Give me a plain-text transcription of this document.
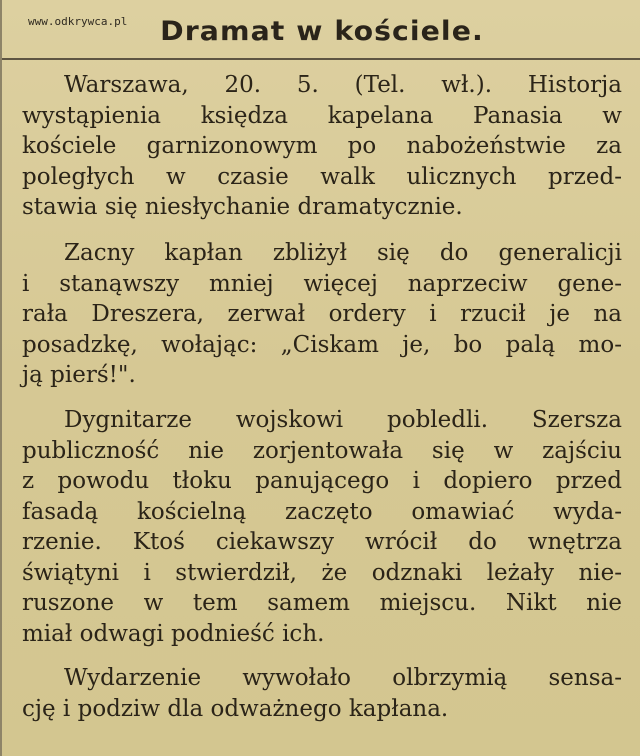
www.odkrywca.pl	Dramat w kościele.
Warszawa, 20. 5. (Tel. wł.). Historja
wystąpienia księdza kapelana Panasia w
kościele garnizonowym po nabożeństwie za
poległych w czasie walk ulicznych przed-
stawia się niesłychanie dramatycznie.
Zacny kapłan zbliżył się do generalicji
i stanąwszy mniej więcej naprzeciw gene-
rała Dreszera, zerwał ordery i rzucił je na
posadzkę, wołając: „Ciskam je, bo palą mo-
ją pierś!".
Dygnitarze wojskowi pobledli. Szersza
publiczność nie zorjentowała się w zajściu
z powodu tłoku panującego i dopiero przed
fasadą kościelną zaczęto omawiać wyda-
rzenie. Ktoś ciekawszy wrócił do wnętrza
świątyni i stwierdził, że odznaki leżały nie-
ruszone w tem samem miejscu. Nikt nie
miał odwagi podnieść ich.
Wydarzenie wywołało olbrzymią sensa-
cję i podziw dla odważnego kapłana.
